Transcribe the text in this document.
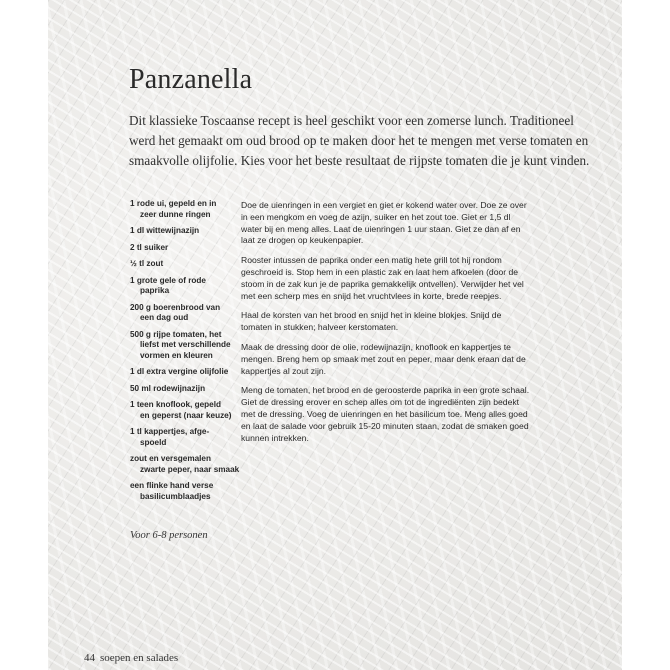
Panzanella

Dit klassieke Toscaanse recept is heel geschikt voor een zomerse lunch. Traditioneel werd het gemaakt om oud brood op te maken door het te mengen met verse tomaten en smaakvolle olijfolie. Kies voor het beste resultaat de rijpste tomaten die je kunt vinden.

1 rode ui, gepeld en in
zeer dunne ringen
1 dl wittewijnazijn
2 tl suiker
½ tl zout
1 grote gele of rode
paprika
200 g boerenbrood van
een dag oud
500 g rijpe tomaten, het
liefst met verschillende vormen en kleuren
1 dl extra vergine olijfolie
50 ml rodewijnazijn
1 teen knoflook, gepeld
en geperst (naar keuze)
1 tl kappertjes, afge-
spoeld
zout en versgemalen
zwarte peper, naar smaak
een flinke hand verse
basilicumblaadjes

Voor 6-8 personen

Doe de uienringen in een vergiet en giet er kokend water over. Doe ze over in een mengkom en voeg de azijn, suiker en het zout toe. Giet er 1,5 dl water bij en meng alles. Laat de uienringen 1 uur staan. Giet ze dan af en laat ze drogen op keukenpapier.

Rooster intussen de paprika onder een matig hete grill tot hij rondom geschroeid is. Stop hem in een plastic zak en laat hem afkoelen (door de stoom in de zak kun je de paprika gemakkelijk ontvellen). Verwijder het vel met een scherp mes en snijd het vruchtvlees in korte, brede reepjes.

Haal de korsten van het brood en snijd het in kleine blokjes. Snijd de tomaten in stukken; halveer kerstomaten.

Maak de dressing door de olie, rodewijnazijn, knoflook en kappertjes te mengen. Breng hem op smaak met zout en peper, maar denk eraan dat de kappertjes al zout zijn.

Meng de tomaten, het brood en de geroosterde paprika in een grote schaal. Giet de dressing erover en schep alles om tot de ingrediënten zijn bedekt met de dressing. Voeg de uienringen en het basilicum toe. Meng alles goed en laat de salade voor gebruik 15-20 minuten staan, zodat de smaken goed kunnen intrekken.

44 soepen en salades
